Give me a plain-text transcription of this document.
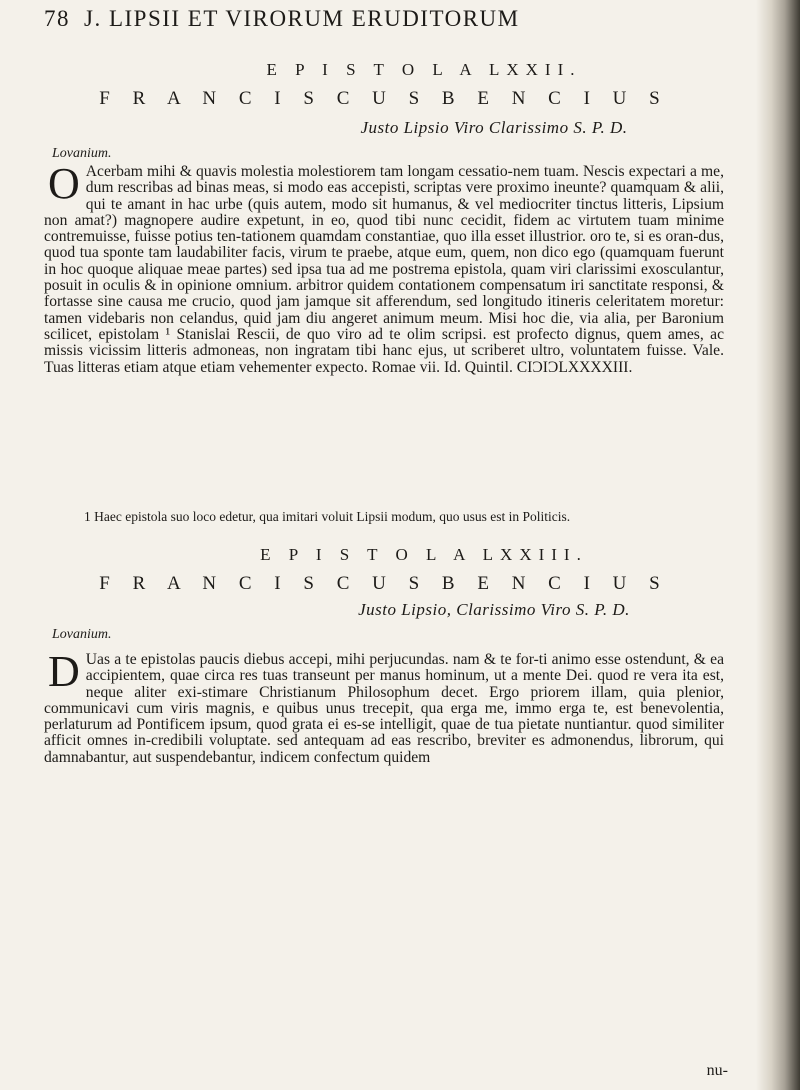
78 J. LIPSII ET VIRORUM ERUDITORUM
E P I S T O L A LXXII.
F R A N C I S C U S B E N C I U S
Justo Lipsio Viro Clarissimo S. P. D.
Lovanium.

O Acerbam mihi & quavis molestia molestiorem tam longam cessatio-nem tuam. Nescis expectari a me, dum rescribas ad binas meas, si modo eas accepisti, scriptas vere proximo ineunte? quamquam & alii, qui te amant in hac urbe (quis autem, modo sit humanus, & vel mediocriter tinctus litteris, Lipsium non amat?) magnopere audire expetunt, in eo, quod tibi nunc cecidit, fidem ac virtutem tuam minime contremuisse, fuisse potius ten-tationem quamdam constantiae, quo illa esset illustrior. oro te, si es oran-dus, quod tua sponte tam laudabiliter facis, virum te praebe, atque eum, quem, non dico ego (quamquam fuerunt in hoc quoque aliquae meae partes) sed ipsa tua ad me postrema epistola, quam viri clarissimi exosculantur, posuit in oculis & in opinione omnium. arbitror quidem contationem compensatum iri sanctitate responsi, & fortasse sine causa me crucio, quod jam jamque sit afferendum, sed longitudo itineris celeritatem moretur: tamen videbaris non celandus, quid jam diu angeret animum meum. Misi hoc die, via alia, per Baronium scilicet, epistolam ¹ Stanislai Rescii, de quo viro ad te olim scripsi. est profecto dignus, quem ames, ac missis vicissim litteris admoneas, non ingratam tibi hanc ejus, ut scriberet ultro, voluntatem fuisse. Vale. Tuas litteras etiam atque etiam vehementer expecto. Romae vii. Id. Quintil. CIƆIƆLXXXXIII.

1 Haec epistola suo loco edetur, qua imitari voluit Lipsii modum, quo usus est in Politicis.
E P I S T O L A LXXIII.
F R A N C I S C U S B E N C I U S
Justo Lipsio, Clarissimo Viro S. P. D.
Lovanium.

D Uas a te epistolas paucis diebus accepi, mihi perjucundas. nam & te for-ti animo esse ostendunt, & ea accipientem, quae circa res tuas transeunt per manus hominum, ut a mente Dei. quod re vera ita est, neque aliter exi-stimare Christianum Philosophum decet. Ergo priorem illam, quia plenior, communicavi cum viris magnis, e quibus unus trecepit, qua erga me, immo erga te, est benevolentia, perlaturum ad Pontificem ipsum, quod grata ei es-se intelligit, quae de tua pietate nuntiantur. quod similiter afficit omnes in-credibili voluptate. sed antequam ad eas rescribo, breviter es admonendus, librorum, qui damnabantur, aut suspendebantur, indicem confectum quidem

nu-
